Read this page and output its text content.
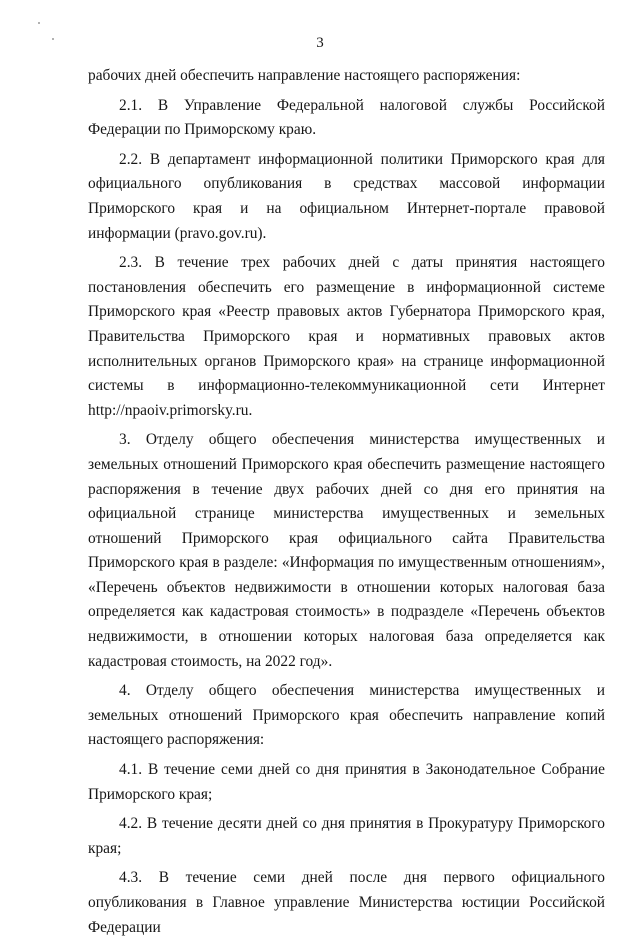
3

рабочих дней обеспечить направление настоящего распоряжения:

2.1. В Управление Федеральной налоговой службы Российской Федерации по Приморскому краю.

2.2. В департамент информационной политики Приморского края для официального опубликования в средствах массовой информации Приморского края и на официальном Интернет-портале правовой информации (pravo.gov.ru).

2.3. В течение трех рабочих дней с даты принятия настоящего постановления обеспечить его размещение в информационной системе Приморского края «Реестр правовых актов Губернатора Приморского края, Правительства Приморского края и нормативных правовых актов исполнительных органов Приморского края» на странице информационной системы в информационно-телекоммуникационной сети Интернет http://npaoiv.primorsky.ru.

3. Отделу общего обеспечения министерства имущественных и земельных отношений Приморского края обеспечить размещение настоящего распоряжения в течение двух рабочих дней со дня его принятия на официальной странице министерства имущественных и земельных отношений Приморского края официального сайта Правительства Приморского края в разделе: «Информация по имущественным отношениям», «Перечень объектов недвижимости в отношении которых налоговая база определяется как кадастровая стоимость» в подразделе «Перечень объектов недвижимости, в отношении которых налоговая база определяется как кадастровая стоимость, на 2022 год».

4. Отделу общего обеспечения министерства имущественных и земельных отношений Приморского края обеспечить направление копий настоящего распоряжения:

4.1. В течение семи дней со дня принятия в Законодательное Собрание Приморского края;

4.2. В течение десяти дней со дня принятия в Прокуратуру Приморского края;

4.3. В течение семи дней после дня первого официального опубликования в Главное управление Министерства юстиции Российской Федерации
